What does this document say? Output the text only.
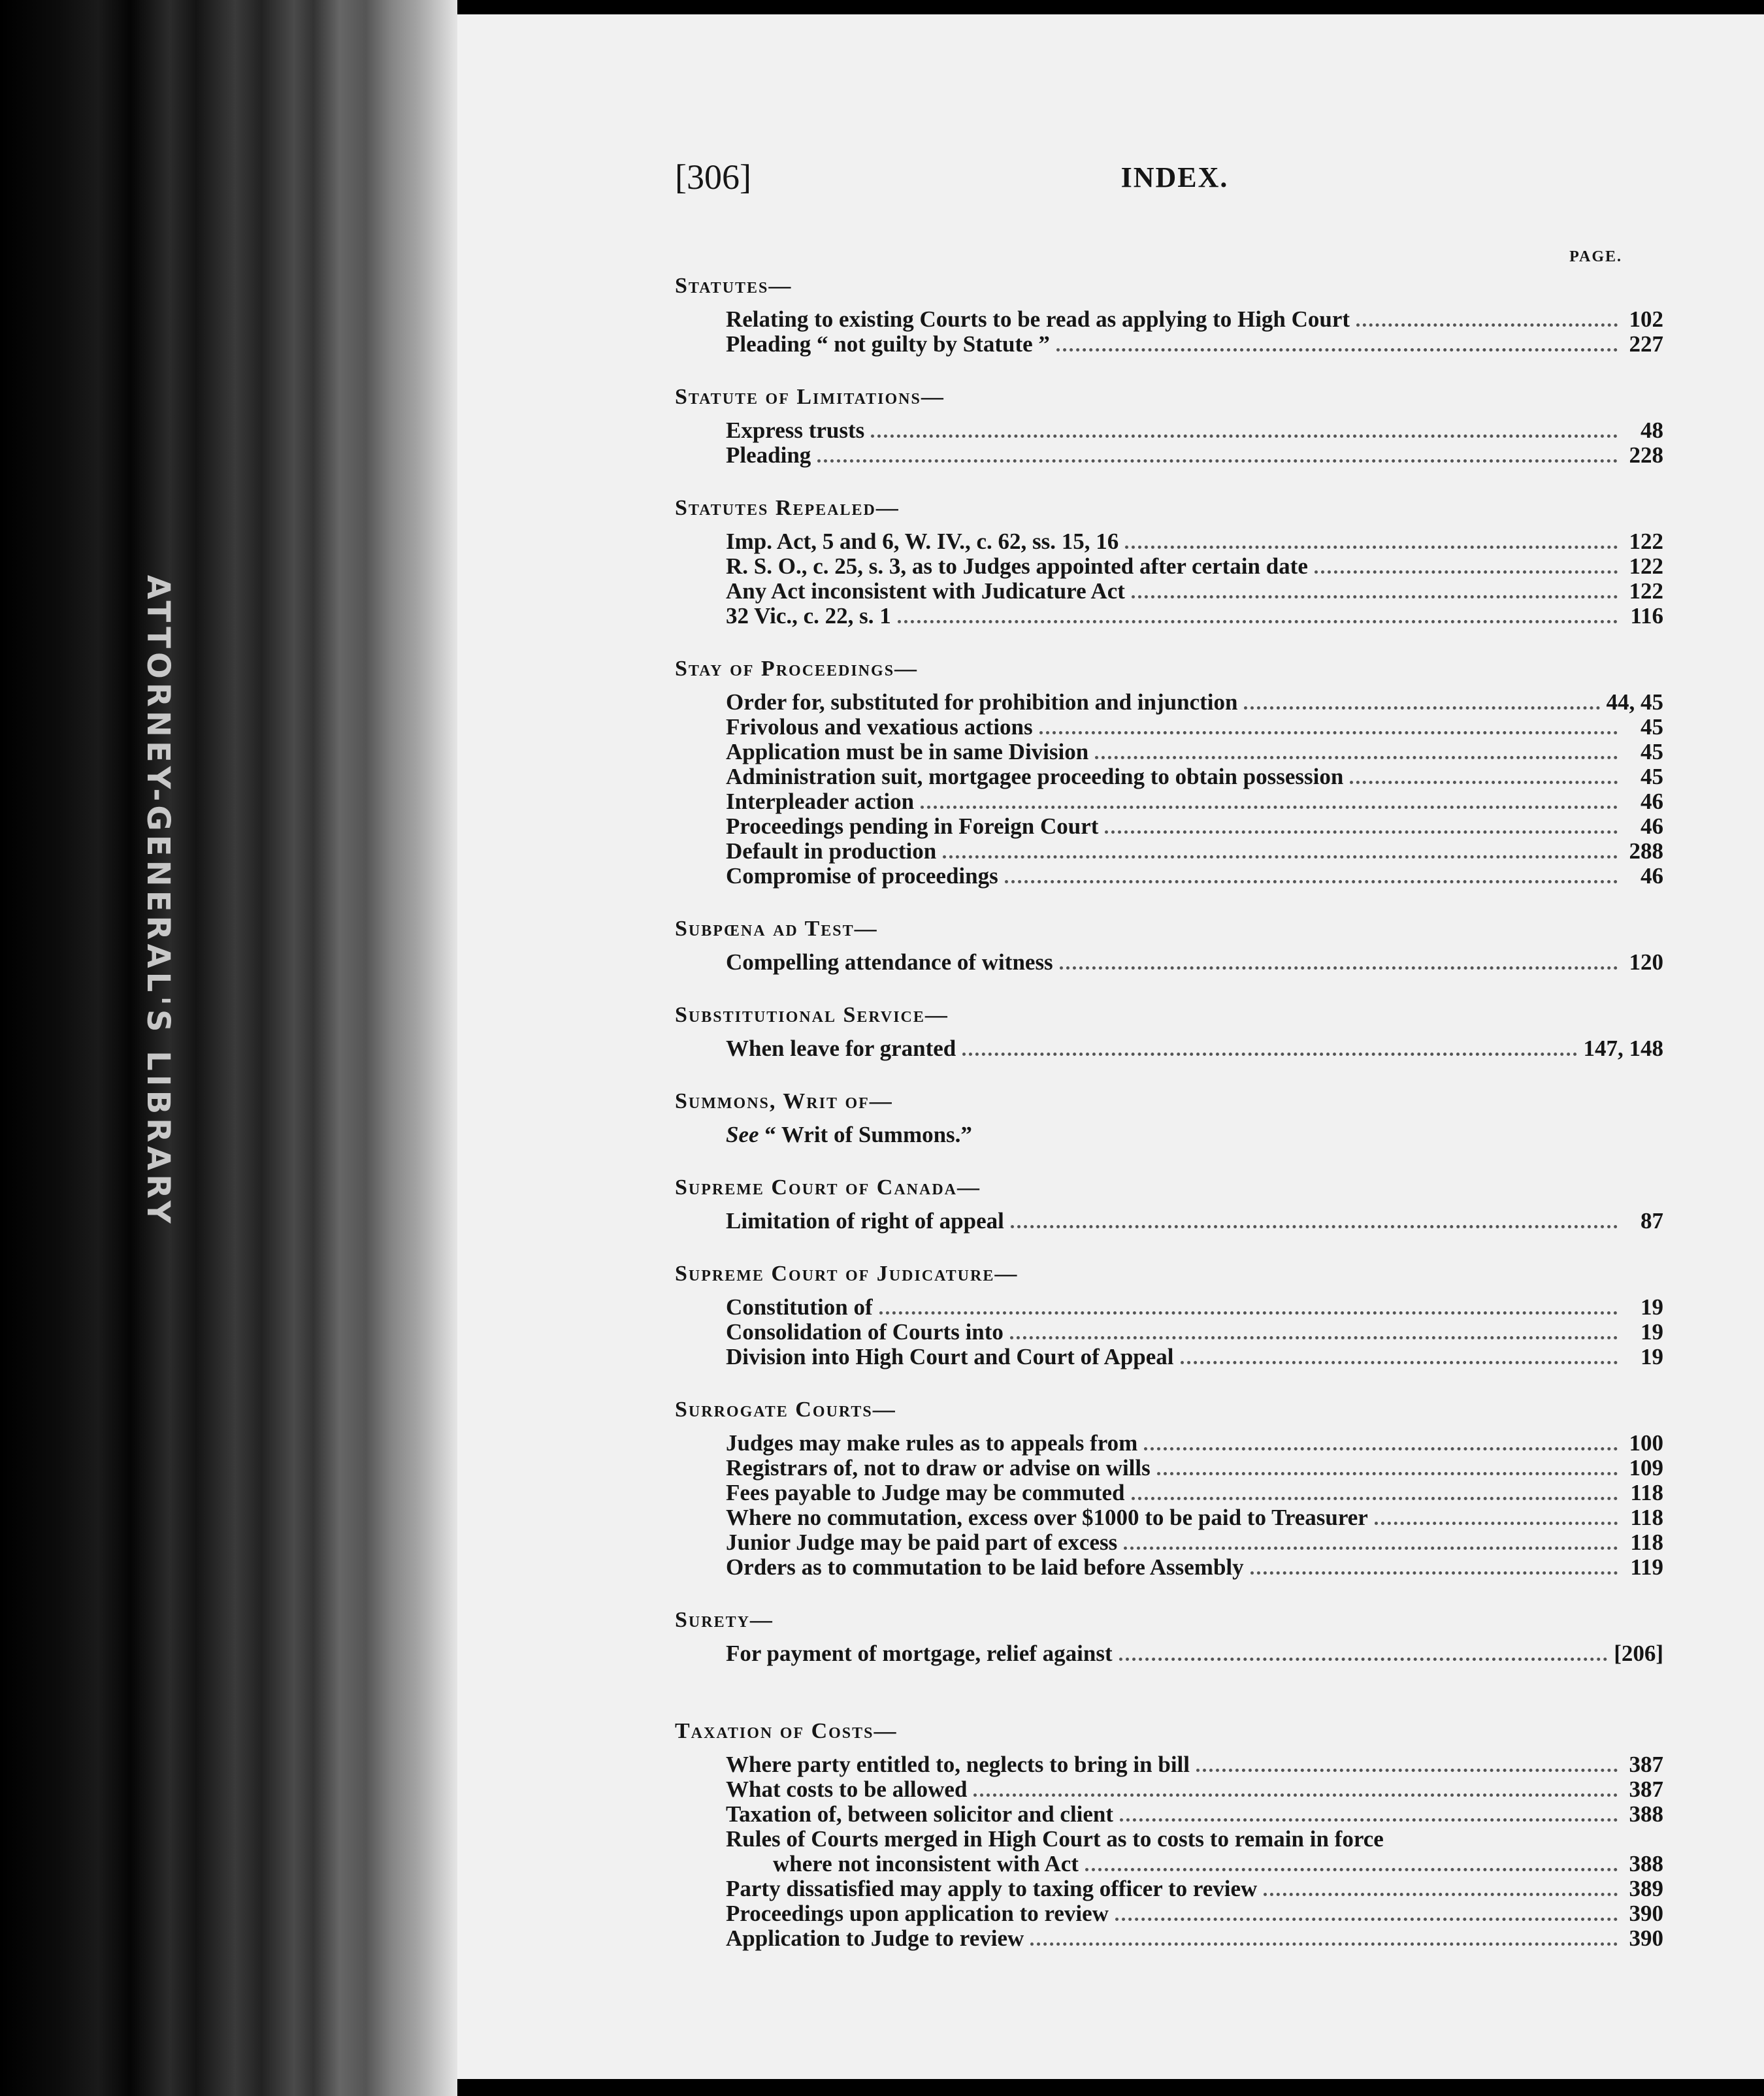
ATTORNEY-GENERAL'S LIBRARY
[306]	INDEX.
PAGE.
Statutes—
Relating to existing Courts to be read as applying to High Court	102
Pleading “ not guilty by Statute ”	227
Statute of Limitations—
Express trusts	48
Pleading	228
Statutes Repealed—
Imp. Act, 5 and 6, W. IV., c. 62, ss. 15, 16	122
R. S. O., c. 25, s. 3, as to Judges appointed after certain date	122
Any Act inconsistent with Judicature Act	122
32 Vic., c. 22, s. 1	116
Stay of Proceedings—
Order for, substituted for prohibition and injunction	44, 45
Frivolous and vexatious actions	45
Application must be in same Division	45
Administration suit, mortgagee proceeding to obtain possession	45
Interpleader action	46
Proceedings pending in Foreign Court	46
Default in production	288
Compromise of proceedings	46
Subpœna ad Test—
Compelling attendance of witness	120
Substitutional Service—
When leave for granted	147, 148
Summons, Writ of—
See “ Writ of Summons.”
Supreme Court of Canada—
Limitation of right of appeal	87
Supreme Court of Judicature—
Constitution of	19
Consolidation of Courts into	19
Division into High Court and Court of Appeal	19
Surrogate Courts—
Judges may make rules as to appeals from	100
Registrars of, not to draw or advise on wills	109
Fees payable to Judge may be commuted	118
Where no commutation, excess over $1000 to be paid to Treasurer	118
Junior Judge may be paid part of excess	118
Orders as to commutation to be laid before Assembly	119
Surety—
For payment of mortgage, relief against	[206]
Taxation of Costs—
Where party entitled to, neglects to bring in bill	387
What costs to be allowed	387
Taxation of, between solicitor and client	388
Rules of Courts merged in High Court as to costs to remain in force
where not inconsistent with Act	388
Party dissatisfied may apply to taxing officer to review	389
Proceedings upon application to review	390
Application to Judge to review	390
